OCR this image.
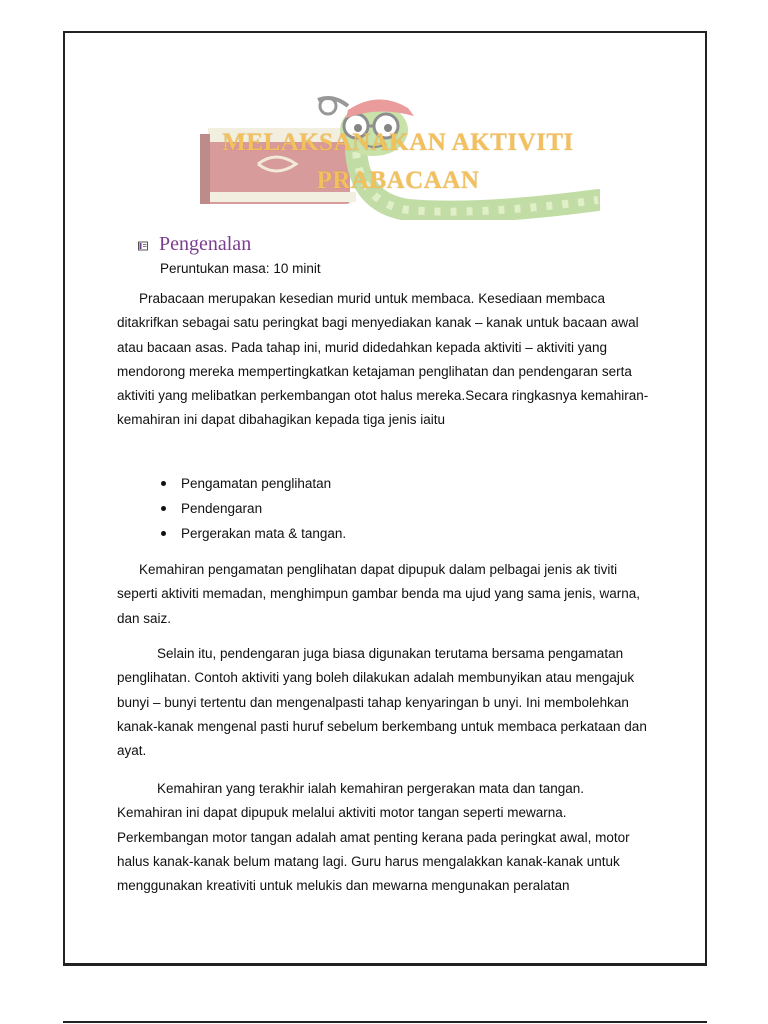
MELAKSANAKAN AKTIVITI
PRABACAAN
Pengenalan
Peruntukan masa: 10 minit

Prabacaan merupakan kesedian murid untuk membaca. Kesediaan membaca ditakrifkan sebagai satu peringkat bagi menyediakan kanak – kanak untuk bacaan awal atau bacaan asas. Pada tahap ini, murid didedahkan kepada aktiviti – aktiviti yang mendorong mereka mempertingkatkan ketajaman penglihatan dan pendengaran serta aktiviti yang melibatkan perkembangan otot halus mereka.Secara ringkasnya kemahiran-kemahiran ini dapat dibahagikan kepada tiga jenis iaitu

Pengamatan penglihatan
Pendengaran
Pergerakan mata & tangan.

Kemahiran pengamatan penglihatan dapat dipupuk dalam pelbagai jenis ak tiviti seperti aktiviti memadan, menghimpun gambar benda ma ujud yang sama jenis, warna, dan saiz.

Selain itu, pendengaran juga biasa digunakan terutama bersama pengamatan penglihatan. Contoh aktiviti yang boleh dilakukan adalah membunyikan atau mengajuk bunyi – bunyi tertentu dan mengenalpasti tahap kenyaringan b unyi. Ini membolehkan kanak-kanak mengenal pasti huruf sebelum berkembang untuk membaca perkataan dan ayat.

Kemahiran yang terakhir ialah kemahiran pergerakan mata dan tangan. Kemahiran ini dapat dipupuk melalui aktiviti motor tangan seperti mewarna. Perkembangan motor tangan adalah amat penting kerana pada peringkat awal, motor halus kanak-kanak belum matang lagi. Guru harus mengalakkan kanak-kanak untuk menggunakan kreativiti untuk melukis dan mewarna mengunakan peralatan
